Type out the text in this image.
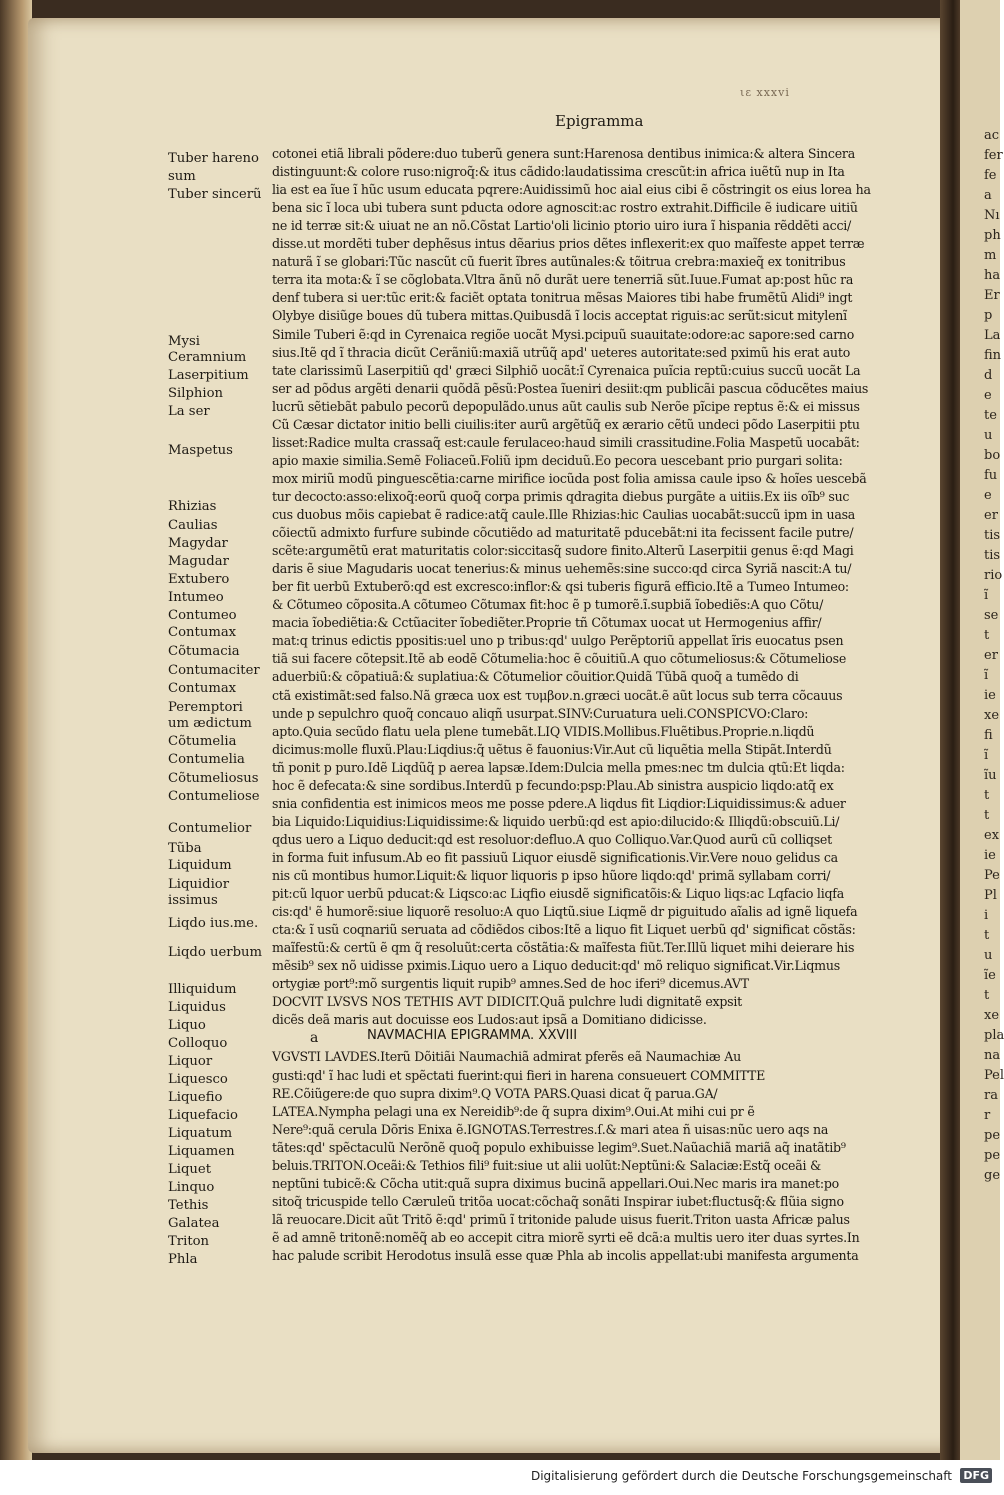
ac
fer
fe
a
Nı
ph
m
ha
Er
p
La
fin
d
e
te
u
bo
fu
e
er
tis
tis
rio
ĩ
se
t
er
ĩ
ie
xe
fi
ĩ
ĩu
t
t
ex
ie
Pe
Pl
i
t
u
ĩe
t
xe
pla
na
Pel
ra
r
pe
pe
ge
ιε xxxvi
Epigramma
Tuber hareno
sum
Tuber sincerũ
Mysi
Ceramnium
Laserpitium
Silphion
La ser
Maspetus
Rhizias
Caulias
Magydar
Magudar
Extubero
Intumeo
Contumeo
Contumax
Cõtumacia
Contumaciter
Contumax
Peremptori
um ædictum
Cõtumelia
Contumelia
Cõtumeliosus
Contumeliose
Contumelior
Tũba
Liquidum
Liquidior
issimus
Liqdo ius.me.
Liqdo uerbum
Illiquidum
Liquidus
Liquo
Colloquo
Liquor
Liquesco
Liquefio
Liquefacio
Liquatum
Liquamen
Liquet
Linquo
Tethis
Galatea
Triton
Phla
cotonei etiã librali põdere:duo tuberũ genera sunt:Harenosa dentibus inimica:& altera Sincera
distinguunt:& colore ruso:nigroq̃:& itus cãdido:laudatissima crescũt:in africa iuẽtũ nup in Ita
lia est ea ĩue ĩ hũc usum educata pqrere:Auidissimũ hoc aial eius cibi ẽ cõstringit os eius lorea ha
bena sic ĩ loca ubi tubera sunt pducta odore agnoscit:ac rostro extrahit.Difficile ẽ iudicare uitiũ
ne id terræ sit:& uiuat ne an nõ.Cõstat Lartio'oli licinio ptorio uiro iura ĩ hispania rẽddẽti acci/
disse.ut mordẽti tuber dephẽsus intus dẽarius prios dẽtes inflexerit:ex quo maĩfeste appet terræ
naturã ĩ se globari:Tũc nascũt cũ fuerit ĩbres autũnales:& tõitrua crebra:maxieq̃ ex tonitribus
terra ita mota:& ĩ se cõglobata.Vltra ãnũ nõ durãt uere tenerriã sũt.Iuue.Fumat ap:post hũc ra
denf tubera si uer:tũc erit:& faciẽt optata tonitrua mẽsas Maiores tibi habe frumẽtũ Alidi⁹ ingt
Olybye disiũge boues dũ tubera mittas.Quibusdã ĩ locis acceptat riguis:ac serũt:sicut mitylenĩ
Simile Tuberi ẽ:qd in Cyrenaica regiõe uocãt Mysi.pcipuũ suauitate:odore:ac sapore:sed carno
sius.Itẽ qd ĩ thracia dicũt Cerãniũ:maxiã utrũq̃ apd' ueteres autoritate:sed pximũ his erat auto
tate clarissimũ Laserpitiũ qd' græci Silphiõ uocãt:ĩ Cyrenaica puĩcia reptũ:cuius succũ uocãt La
ser ad põdus argẽti denarii quõdã pẽsũ:Postea ĩueniri desiit:qm publicãi pascua cõducẽtes maius
lucrũ sẽtiebãt pabulo pecorũ depopulãdo.unus aũt caulis sub Nerõe pĩcipe reptus ẽ:& ei missus
Cũ Cæsar dictator initio belli ciuilis:iter aurũ argẽtũq̃ ex ærario cẽtũ undeci põdo Laserpitii ptu
lisset:Radice multa crassaq̃ est:caule ferulaceo:haud simili crassitudine.Folia Maspetũ uocabãt:
apio maxie similia.Semẽ Foliaceũ.Foliũ ipm deciduũ.Eo pecora uescebant prio purgari solita:
mox miriũ modũ pinguescẽtia:carne mirifice iocũda post folia amissa caule ipso & hoĩes uescebã
tur decocto:asso:elixoq̃:eorũ quoq̃ corpa primis qdragita diebus purgãte a uitiis.Ex iis oĩb⁹ suc
cus duobus mõis capiebat ẽ radice:atq̃ caule.Ille Rhizias:hic Caulias uocabãt:succũ ipm in uasa
cõiectũ admixto furfure subinde cõcutiẽdo ad maturitatẽ pducebãt:ni ita fecissent facile putre/
scẽte:argumẽtũ erat maturitatis color:siccitasq̃ sudore finito.Alterũ Laserpitii genus ẽ:qd Magi
daris ẽ siue Magudaris uocat tenerius:& minus uehemẽs:sine succo:qd circa Syriã nascit:A tu/
ber fit uerbũ Extuberõ:qd est excresco:inflor:& qsi tuberis figurã efficio.Itẽ a Tumeo Intumeo:
& Cõtumeo cõposita.A cõtumeo Cõtumax fit:hoc ẽ p tumorẽ.ĩ.supbiã ĩobediẽs:A quo Cõtu/
macia ĩobediẽtia:& Cctũaciter ĩobediẽter.Proprie tñ Cõtumax uocat ut Hermogenius affir/
mat:q trinus edictis ppositis:uel uno p tribus:qd' uulgo Perẽptoriũ appellat ĩris euocatus psen
tiã sui facere cõtepsit.Itẽ ab eodẽ Cõtumelia:hoc ẽ cõuitiũ.A quo cõtumeliosus:& Cõtumeliose
aduerbiũ:& cõpatiuã:& suplatiua:& Cõtumelior cõuitior.Quidã Tũbã quoq̃ a tumẽdo di
ctã existimãt:sed falso.Nã græca uox est τυμβον.n.græci uocãt.ẽ aũt locus sub terra cõcauus
unde p sepulchro quoq̃ concauo aliqñ usurpat.SINV:Curuatura ueli.CONSPICVO:Claro:
apto.Quia secũdo flatu uela plene tumebãt.LIQ VIDIS.Mollibus.Fluẽtibus.Proprie.n.liqdũ
dicimus:molle fluxũ.Plau:Liqdius:q̃ uẽtus ẽ fauonius:Vir.Aut cũ liquẽtia mella Stipãt.Interdũ
tñ ponit p puro.Idẽ Liqdũq̃ p aerea lapsæ.Idem:Dulcia mella pmes:nec tm dulcia qtũ:Et liqda:
hoc ẽ defecata:& sine sordibus.Interdũ p fecundo:psp:Plau.Ab sinistra auspicio liqdo:atq̃ ex
snia confidentia est inimicos meos me posse pdere.A liqdus fit Liqdior:Liquidissimus:& aduer
bia Liquido:Liquidius:Liquidissime:& liquido uerbũ:qd est apio:dilucido:& Illiqdũ:obscuiũ.Li/
qdus uero a Liquo deducit:qd est resoluor:defluo.A quo Colliquo.Var.Quod aurũ cũ colliqset
in forma fuit infusum.Ab eo fit passiuũ Liquor eiusdẽ significationis.Vir.Vere nouo gelidus ca
nis cũ montibus humor.Liquit:& liquor liquoris p ipso hũore liqdo:qd' primã syllabam corri/
pit:cũ lquor uerbũ pducat:& Liqsco:ac Liqfio eiusdẽ significatõis:& Liquo liqs:ac Lqfacio liqfa
cis:qd' ẽ humorẽ:siue liquorẽ resoluo:A quo Liqtũ.siue Liqmẽ dr piguitudo aĩalis ad ignẽ liquefa
cta:& ĩ usũ coqnariũ seruata ad cõdiẽdos cibos:Itẽ a liquo fit Liquet uerbũ qd' significat cõstãs:
maĩfestũ:& certũ ẽ qm q̃ resoluũt:certa cõstãtia:& maĩfesta fiũt.Ter.Illũ liquet mihi deierare his
mẽsib⁹ sex nõ uidisse pximis.Liquo uero a Liquo deducit:qd' mõ reliquo significat.Vir.Liqmus
ortygiæ port⁹:mõ surgentis liquit rupib⁹ amnes.Sed de hoc iferi⁹ dicemus.AVT
DOCVIT LVSVS NOS TETHIS AVT DIDICIT.Quã pulchre ludi dignitatẽ expsit
dicẽs deã maris aut docuisse eos Ludos:aut ipsã a Domitiano didicisse.
NAVMACHIA EPIGRAMMA. XXVIII
VGVSTI LAVDES.Iterũ Dõitiãi Naumachiã admirat pferẽs eã Naumachiæ Au
gusti:qd' ĩ hac ludi et spẽctati fuerint:qui fieri in harena consueuert COMMITTE
RE.Cõiũgere:de quo supra dixim⁹.Q VOTA PARS.Quasi dicat q̃ parua.GA/
LATEA.Nympha pelagi una ex Nereidib⁹:de q̃ supra dixim⁹.Oui.At mihi cui pr ẽ
Nere⁹:quã cerula Dõris Enixa ẽ.IGNOTAS.Terrestres.ſ.& mari atea ñ uisas:nũc uero aqs na
tãtes:qd' spẽctaculũ Nerõnẽ quoq̃ populo exhibuisse legim⁹.Suet.Naũachiã mariã aq̃ inatãtib⁹
beluis.TRITON.Oceãi:& Tethios fili⁹ fuit:siue ut alii uolũt:Neptũni:& Salaciæ:Estq̃ oceãi &
neptũni tubicẽ:& Cõcha utit:quã supra diximus bucinã appellari.Oui.Nec maris ira manet:po
sitoq̃ tricuspide tello Cæruleũ tritõa uocat:cõchaq̃ sonãti Inspirar iubet:fluctusq̃:& flũia signo
lã reuocare.Dicit aũt Tritõ ẽ:qd' primũ ĩ tritonide palude uisus fuerit.Triton uasta Africæ palus
ẽ ad amnẽ tritonẽ:nomẽq̃ ab eo accepit citra miorẽ syrti eẽ dcã:a multis uero iter duas syrtes.In
hac palude scribit Herodotus insulã esse quæ Phla ab incolis appellat:ubi manifesta argumenta
a
Digitalisierung gefördert durch die Deutsche Forschungsgemeinschaft DFG
